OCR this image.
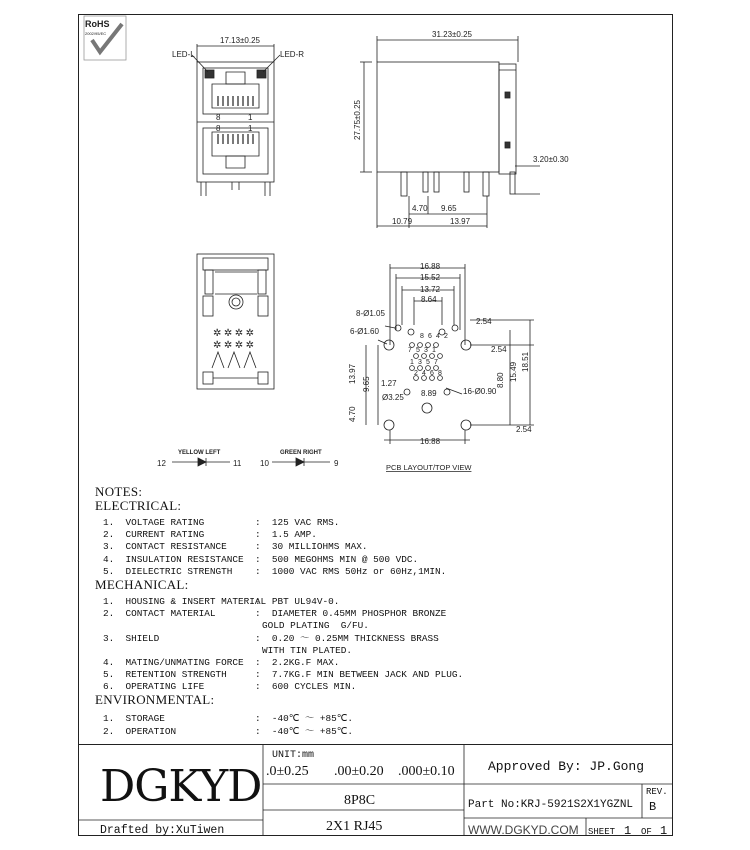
✲ ✲ ✲ ✲
✲ ✲ ✲ ✲
RoHS
2002/95/EC
17.13±0.25
LED-L	LED-R
8	1
8	1
31.23±0.25
27.75±0.25
3.20±0.30
4.70 9.65
10.79	13.97
16.88
15.52
13.72
8.64
8-Ø1.05
6-Ø1.60
2.54
2.54
2.54
18.51
15.49
8.80
13.97
9.65
4.70
1.27
16-Ø0.90
Ø3.25 8.89
16.88
8 6 4 2
7 5 3 1
1 3 5 7
2 4 6 8
PCB LAYOUT/TOP VIEW
YELLOW LEFT
12	11
GREEN RIGHT
10	9
NOTES:
ELECTRICAL:
1.  VOLTAGE RATING	:  125 VAC RMS.
2.  CURRENT RATING	:  1.5 AMP.
3.  CONTACT RESISTANCE	:  30 MILLIOHMS MAX.
4.  INSULATION RESISTANCE :  500 MEGOHMS MIN @ 500 VDC.
5.  DIELECTRIC STRENGTH :  1000 VAC RMS 50Hz or 60Hz,1MIN.
MECHANICAL:
1.  HOUSING & INSERT MATERIAL
:  PBT UL94V-0.
2.  CONTACT MATERIAL	:  DIAMETER 0.45MM PHOSPHOR BRONZE
GOLD PLATING  G/FU.
3.  SHIELD	:  0.20 ～ 0.25MM THICKNESS BRASS
WITH TIN PLATED.
4.  MATING/UNMATING FORCE :  2.2KG.F MAX.
5.  RETENTION STRENGTH	:  7.7KG.F MIN BETWEEN JACK AND PLUG.
6.  OPERATING LIFE	:  600 CYCLES MIN.
ENVIRONMENTAL:
1.  STORAGE	:  -40℃ ～ +85℃.
2.  OPERATION	:  -40℃ ～ +85℃.
DGKYD
Drafted by:XuTiwen
UNIT:mm
.0±0.25 .00±0.20 .000±0.10
8P8C
2X1 RJ45
Approved By: JP.Gong
REV.
Part No:KRJ-5921S2X1YGZNL B
WWW.DGKYD.COM SHEET 1 OF 1
